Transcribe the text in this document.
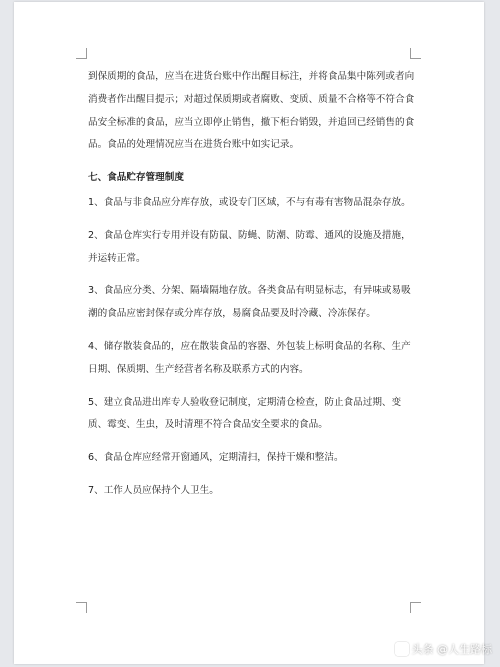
到保质期的食品，应当在进货台账中作出醒目标注，并将食品集中陈列或者向消费者作出醒目提示；对超过保质期或者腐败、变质、质量不合格等不符合食品安全标准的食品，应当立即停止销售，撤下柜台销毁，并追回已经销售的食品。食品的处理情况应当在进货台账中如实记录。

七、食品贮存管理制度

1、食品与非食品应分库存放，或设专门区域，不与有毒有害物品混杂存放。

2、食品仓库实行专用并设有防鼠、防蝇、防潮、防霉、通风的设施及措施，并运转正常。

3、食品应分类、分架、隔墙隔地存放。各类食品有明显标志，有异味或易吸潮的食品应密封保存或分库存放，易腐食品要及时冷藏、冷冻保存。

4、储存散装食品的，应在散装食品的容器、外包装上标明食品的名称、生产日期、保质期、生产经营者名称及联系方式的内容。

5、建立食品进出库专人验收登记制度，定期清仓检查，防止食品过期、变质、霉变、生虫，及时清理不符合食品安全要求的食品。

6、食品仓库应经常开窗通风，定期清扫，保持干燥和整洁。

7、工作人员应保持个人卫生。

头条 @人生路标
